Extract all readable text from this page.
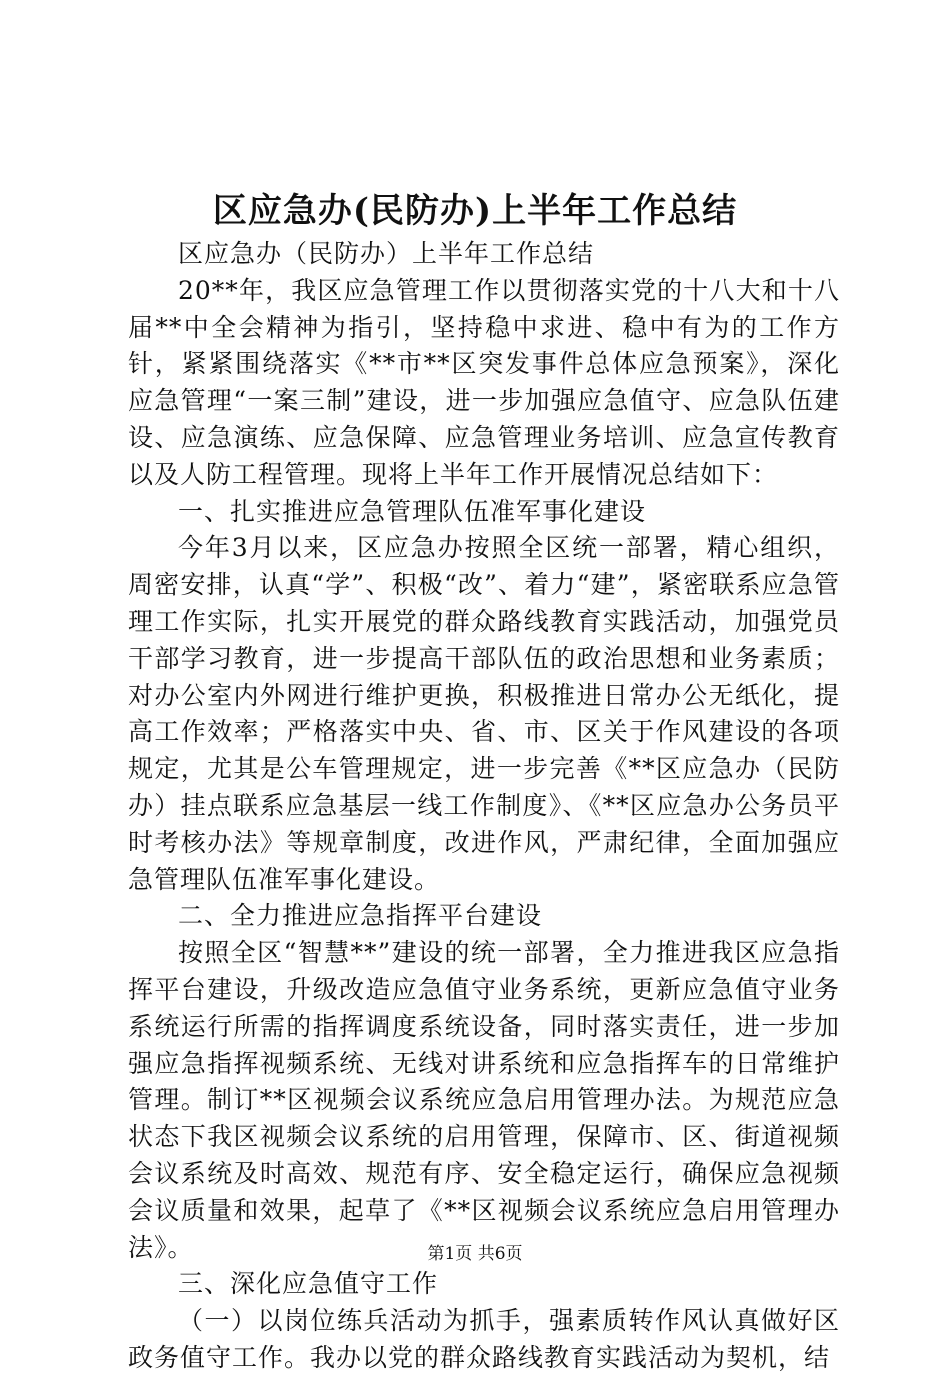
区应急办(民防办)上半年工作总结

区应急办（民防办）上半年工作总结

20**年，我区应急管理工作以贯彻落实党的十八大和十八届**中全会精神为指引，坚持稳中求进、稳中有为的工作方针，紧紧围绕落实《**市**区突发事件总体应急预案》，深化应急管理“一案三制”建设，进一步加强应急值守、应急队伍建设、应急演练、应急保障、应急管理业务培训、应急宣传教育以及人防工程管理。现将上半年工作开展情况总结如下：

一、扎实推进应急管理队伍准军事化建设

今年3月以来，区应急办按照全区统一部署，精心组织，周密安排，认真“学”、积极“改”、着力“建”，紧密联系应急管理工作实际，扎实开展党的群众路线教育实践活动，加强党员干部学习教育，进一步提高干部队伍的政治思想和业务素质；对办公室内外网进行维护更换，积极推进日常办公无纸化，提高工作效率；严格落实中央、省、市、区关于作风建设的各项规定，尤其是公车管理规定，进一步完善《**区应急办（民防办）挂点联系应急基层一线工作制度》、《**区应急办公务员平时考核办法》等规章制度，改进作风，严肃纪律，全面加强应急管理队伍准军事化建设。

二、全力推进应急指挥平台建设

按照全区“智慧**”建设的统一部署，全力推进我区应急指挥平台建设，升级改造应急值守业务系统，更新应急值守业务系统运行所需的指挥调度系统设备，同时落实责任，进一步加强应急指挥视频系统、无线对讲系统和应急指挥车的日常维护管理。制订**区视频会议系统应急启用管理办法。为规范应急状态下我区视频会议系统的启用管理，保障市、区、街道视频会议系统及时高效、规范有序、安全稳定运行，确保应急视频会议质量和效果，起草了《**区视频会议系统应急启用管理办法》。

三、深化应急值守工作

（一）以岗位练兵活动为抓手，强素质转作风认真做好区政务值守工作。我办以党的群众路线教育实践活动为契机，结

第1页 共6页
